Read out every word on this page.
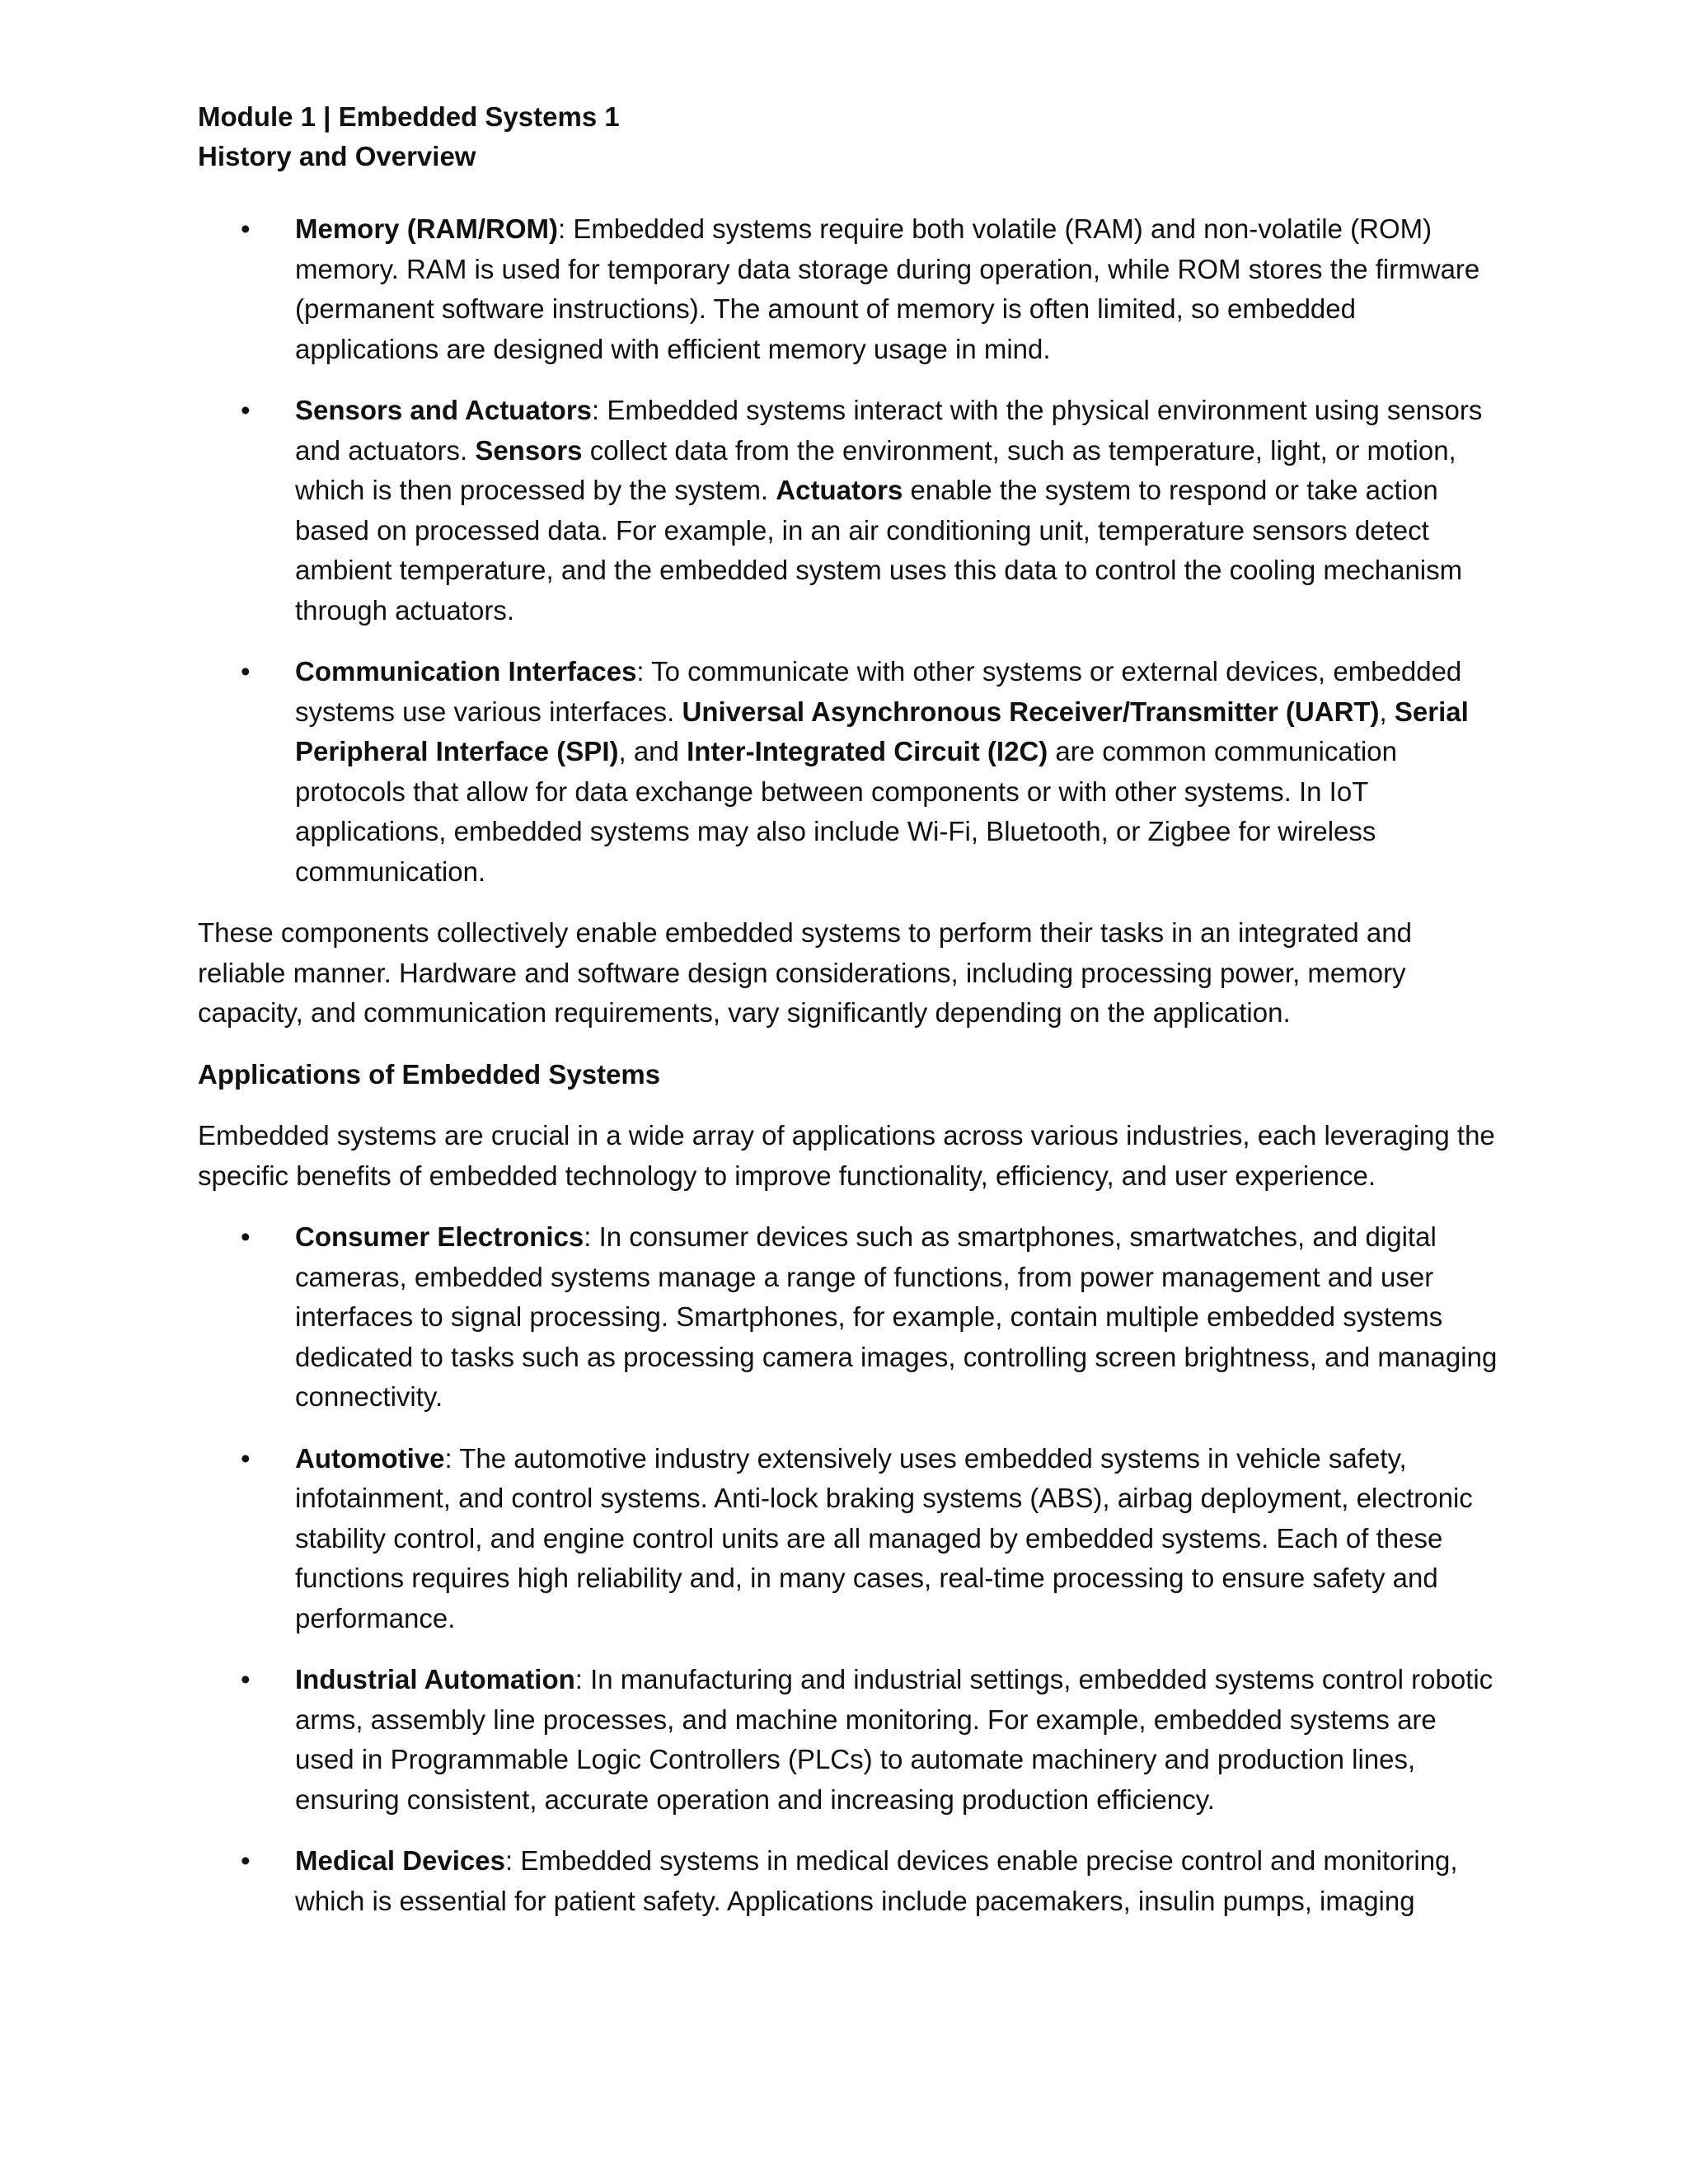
Module 1 | Embedded Systems 1
History and Overview
• Memory (RAM/ROM): Embedded systems require both volatile (RAM) and non-volatile (ROM) memory. RAM is used for temporary data storage during operation, while ROM stores the firmware (permanent software instructions). The amount of memory is often limited, so embedded applications are designed with efficient memory usage in mind.
• Sensors and Actuators: Embedded systems interact with the physical environment using sensors and actuators. Sensors collect data from the environment, such as temperature, light, or motion, which is then processed by the system. Actuators enable the system to respond or take action based on processed data. For example, in an air conditioning unit, temperature sensors detect ambient temperature, and the embedded system uses this data to control the cooling mechanism through actuators.
• Communication Interfaces: To communicate with other systems or external devices, embedded systems use various interfaces. Universal Asynchronous Receiver/Transmitter (UART), Serial Peripheral Interface (SPI), and Inter-Integrated Circuit (I2C) are common communication protocols that allow for data exchange between components or with other systems. In IoT applications, embedded systems may also include Wi-Fi, Bluetooth, or Zigbee for wireless communication.

These components collectively enable embedded systems to perform their tasks in an integrated and reliable manner. Hardware and software design considerations, including processing power, memory capacity, and communication requirements, vary significantly depending on the application.

Applications of Embedded Systems

Embedded systems are crucial in a wide array of applications across various industries, each leveraging the specific benefits of embedded technology to improve functionality, efficiency, and user experience.

• Consumer Electronics: In consumer devices such as smartphones, smartwatches, and digital cameras, embedded systems manage a range of functions, from power management and user interfaces to signal processing. Smartphones, for example, contain multiple embedded systems dedicated to tasks such as processing camera images, controlling screen brightness, and managing connectivity.
• Automotive: The automotive industry extensively uses embedded systems in vehicle safety, infotainment, and control systems. Anti-lock braking systems (ABS), airbag deployment, electronic stability control, and engine control units are all managed by embedded systems. Each of these functions requires high reliability and, in many cases, real-time processing to ensure safety and performance.
• Industrial Automation: In manufacturing and industrial settings, embedded systems control robotic arms, assembly line processes, and machine monitoring. For example, embedded systems are used in Programmable Logic Controllers (PLCs) to automate machinery and production lines, ensuring consistent, accurate operation and increasing production efficiency.
• Medical Devices: Embedded systems in medical devices enable precise control and monitoring, which is essential for patient safety. Applications include pacemakers, insulin pumps, imaging
